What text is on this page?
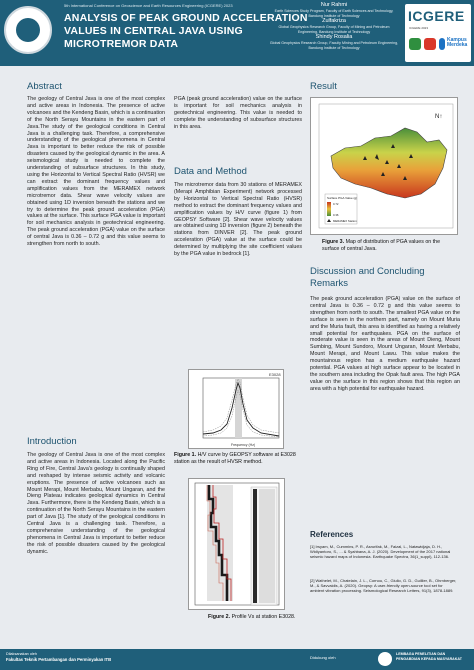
5th International Conference on Geoscience and Earth Resources Engineering (ICGERE) 2023
ANALYSIS OF PEAK GROUND ACCELERATION VALUES IN CENTRAL JAVA USING MICROTREMOR DATA
Nur Rahmi
Earth Sciences Study Program, Faculty of Earth Sciences and Technology, Bandung Institute of Technology
Zulfakriza
Global Geophysics Research Group, Faculty of Mining and Petroleum Engineering, Bandung Institute of Technology
Shindy Rosalia
Global Geophysics Research Group, Faculty Mining and Petroleum Engineering, Bandung Institute of Technology
ICGERE
ICGERE 2023
Kampus Merdeka
Abstract

The geology of Central Java is one of the most complex and active areas in Indonesia. The presence of active volcanoes and the Kendeng Basin, which is a continuation of the North Serayu Mountains in the eastern part of Java.The study of the geological conditions in Central Java is a challenging task. Therefore, a comprehensive understanding of the geological phenomena in Central Java is important to better reduce the risk of possible disasters caused by the geological dynamic in the area. A seismological study is needed to complete the understanding of subsurface structures. In this study, using the Horizontal to Vertical Spectral Ratio (HVSR) we can extract the dominant frequency values and amplification values from the MERAMEX network microtremor data. Shear wave velocity values are obtained using 1D inversion beneath the stations and we try to determine the peak ground acceleration (PGA) values at the surface. This surface PGA value is important for soil mechanics analysis in geotechnical engineering. The peak ground acceleration (PGA) value on the surface of central Java is 0.36 – 0.72 g and this value seems to strengthen from north to south.

Introduction

The geology of Central Java is one of the most complex and active areas in Indonesia. Located along the Pacific Ring of Fire, Central Java's geology is continually shaped and reshaped by intense seismic activity and volcanic eruptions. The presence of active volcanoes such as Mount Merapi, Mount Merbabu, Mount Ungaran, and the Dieng Plateau indicates geological dynamics in Central Java. Furthermore, there is the Kendeng Basin, which is a continuation of the North Serayu Mountains in the eastern part of Java [1]. The study of the geological conditions in Central Java is a challenging task. Therefore, a comprehensive understanding of the geological phenomena in Central Java is important to better reduce the risk of possible disasters caused by the geological dynamic.

PGA (peak ground acceleration) value on the surface is important for soil mechanics analysis in geotechnical engineering. This value is needed to complete the understanding of subsurface structures in this area.

Data and Method

The microtremor data from 30 stations of MERAMEX (Merapi Amphibian Experiment) network processed by Horizontal to Vertical Spectral Ratio (HVSR) method to extract the dominant frequency values and amplification values by H/V curve (figure 1) from GEOPSY Software [2]. Shear wave velocity values are obtained using 1D inversion (figure 2) beneath the stations from DINVER [2]. The peak ground acceleration (PGA) value at the surface could be determined by multiplying the site coefficient values by the PGA value in bedrock [1].

E3028
Frequency (Hz)
Figure 1. H/V curve by GEOPSY software at E3028 station as the result of HVSR method.
Figure 2. Profile Vs at station E3028.
Result
Surface PGA Value (g)
0.72
0.36
MERAMEX Station
N↑
Figure 3. Map of distribution of PGA values on the surface of central Java.
Discussion and Concluding Remarks

The peak ground acceleration (PGA) value on the surface of central Java is 0.36 – 0.72 g and this value seems to strengthen from north to south. The smallest PGA value on the surface is seen in the northern part, namely on Mount Muria and the Muria fault, this area is identified as having a relatively small potential for earthquakes. PGA on the surface of moderate value is seen in the areas of Mount Dieng, Mount Sumbing, Mount Sundoro, Mount Ungaran, Mount Merbabu, Mount Merapi, and Mount Lawu. This value makes the mountainous region has a medium earthquake hazard potential. PGA values at high surface appear to be located in the southern area including the Opak fault area. The high PGA value on the surface in this region shows that this region an area with a high potential for earthquake hazard.

References

[1] Irsyam, M., Cummins, P. R., Asrurifak, M., Faizal, L., Natawidjaja, D. H., Widiyantoro, S., ... & Syahbana, A. J. (2020). Development of the 2017 national seismic hazard maps of Indonesia. Earthquake Spectra, 36(1_suppl), 112-136.

[2] Wathelet, M., Chatelain, J. L., Cornou, C., Giulio, G. D., Guillier, B., Ohrnberger, M., & Savvaidis, A. (2020). Geopsy: A user-friendly open-source tool set for ambient vibration processing. Seismological Research Letters, 91(3), 1878-1889.

Dilaksanakan oleh
Fakultas Teknik Pertambangan dan Perminyakan ITB	Didukung oleh
LEMBAGA PENELITIAN DAN PENGABDIAN KEPADA MASYARAKAT
